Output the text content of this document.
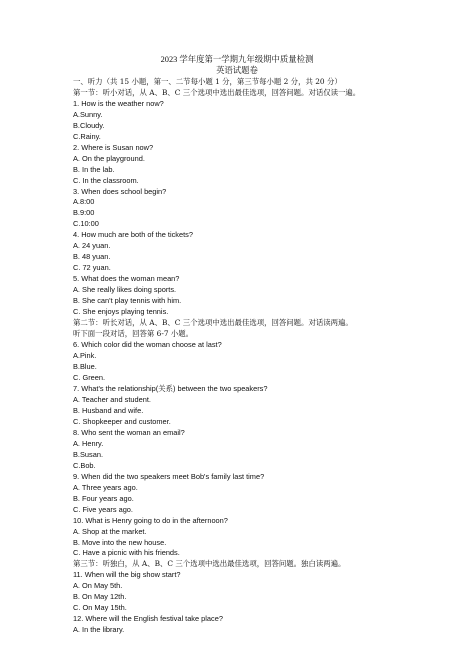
2023 学年度第一学期九年级期中质量检测
英语试题卷
一、听力（共 15 小题，第一、二节每小题 1 分，第三节每小题 2 分，共 20 分）
第一节：听小对话，从 A、B、C 三个选项中选出最佳选项，回答问题。对话仅读一遍。
1. How is the weather now?
A.Sunny.
B.Cloudy.
C.Rainy.
2. Where is Susan now?
A. On the playground.
B. In the lab.
C. In the classroom.
3. When does school begin?
A.8:00
B.9:00
C.10:00
4. How much are both of the tickets?
A. 24 yuan.
B. 48 yuan.
C. 72 yuan.
5. What does the woman mean?
A. She really likes doing sports.
B. She can't play tennis with him.
C. She enjoys playing tennis.
第二节：听长对话，从 A、B、C 三个选项中选出最佳选项，回答问题。对话读两遍。
听下面一段对话，回答第 6-7 小题。
6. Which color did the woman choose at last?
A.Pink.
B.Blue.
C. Green.
7. What's the relationship(关系) between the two speakers?
A. Teacher and student.
B. Husband and wife.
C. Shopkeeper and customer.
8. Who sent the woman an email?
A. Henry.
B.Susan.
C.Bob.
9. When did the two speakers meet Bob's family last time?
A. Three years ago.
B. Four years ago.
C. Five years ago.
10. What is Henry going to do in the afternoon?
A. Shop at the market.
B. Move into the new house.
C. Have a picnic with his friends.
第三节：听独白，从 A、B、C 三个选项中选出最佳选项，回答问题。独白读两遍。
11. When will the big show start?
A. On May 5th.
B. On May 12th.
C. On May 15th.
12. Where will the English festival take place?
A. In the library.
